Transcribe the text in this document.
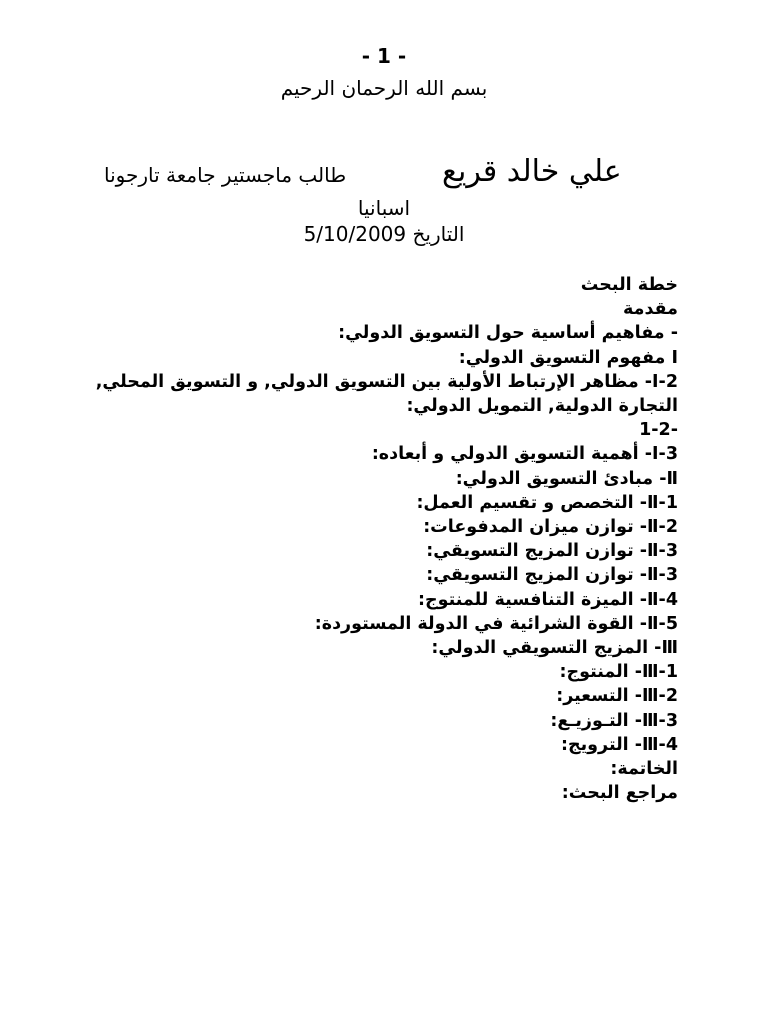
- 1 -
بسم الله الرحمان الرحيم
علي خالد قريع
طالب ماجستير جامعة تارجونا
اسبانيا
التاريخ 5/10/2009
خطة البحث
مقدمة
- مفاهيم أساسية حول التسويق الدولي:
Ⅰ مفهوم التسويق الدولي:
Ⅰ-2- مظاهر الإرتباط الأولية بين التسويق الدولي, و التسويق المحلي, التجارة الدولية, التمويل الدولي:
-1-2
Ⅰ-3- أهمية التسويق الدولي و أبعاده:
Ⅱ- مبادئ التسويق الدولي:
Ⅱ-1- التخصص و تقسيم العمل:
Ⅱ-2- توازن ميزان المدفوعات:
Ⅱ-3- توازن المزيج التسويقي:
Ⅱ-3- توازن المزيج التسويقي:
Ⅱ-4- الميزة التنافسية للمنتوج:
Ⅱ-5- القوة الشرائية في الدولة المستوردة:
Ⅲ- المزيج التسويقي الدولي:
Ⅲ-1- المنتوج:
Ⅲ-2- التسعير:
Ⅲ-3- التـوزيـع:
Ⅲ-4- الترويج:
الخاتمة:
مراجع البحث:
